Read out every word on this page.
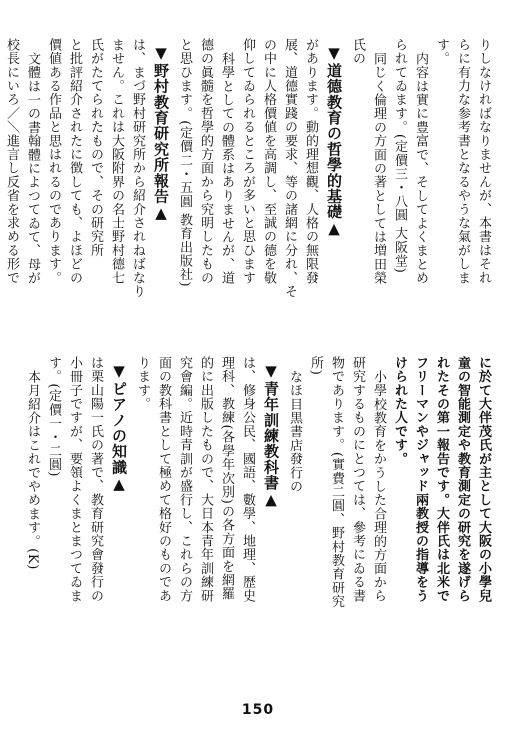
りしなければなりませんが、本書はそれ
らに有力な参考書となるやうな氣がしま
す。
内容は實に豊富で、そしてよくまとめ
られてゐます。(定價三・八圓 大阪堂)
同じく倫理の方面の著としては増田榮
氏の
▼道德教育の哲學的基礎▲
があります。動的理想觀、人格の無限發
展、道德實踐の要求、等の諸網に分れ、そ
の中に人格價値を高調し、至誠の德を敬
仰してゐられるところが多いと思ひます
科學としての體系はありませんが、道
德の眞髓を哲學的方面から究明したもの
と思ひます。(定價二・五圓 教育出版社)
▼野村教育研究所報告▲
は、まづ野村研究所から紹介されねばなり
ません。これは大阪附界の名士野村德七
氏がたてられたもので、その研究所
と批評紹介されたに徴しても、よほどの
價値ある作品と思はれるのであります。
文體は一の書翰體によつてゐて、母が
校長にいろ／＼進言し反省を求める形で
に於て大伴茂氏が主として大阪の小學兒
童の智能測定や教育測定の研究を遂げら
れたその第一報告です。大伴氏は北米で
フリーマンやジャッド兩教授の指導をう
けられた人です。
小學校教育をかうした合理的方面から
研究するものにとつては、參考にゐる書
物であります。(實費二圓、野村教育研究
所)
なほ目黒書店發行の
▼青年訓練教科書▲
は、修身公民、國語、數學、地理、歴史
理科、教練(各學年次別)の各方面を網羅
的に出版したもので、大日本青年訓練研
究會編。近時青訓が盛行し、これらの方
面の教科書として極めて格好のものであ
ります。
▼ピアノの知識▲
は栗山陽一氏の著で、教育研究會發行の
小冊子ですが、要領よくまとまつてゐま
す。(定價一・二圓)
本月紹介はこれでやめます。(K)
150
